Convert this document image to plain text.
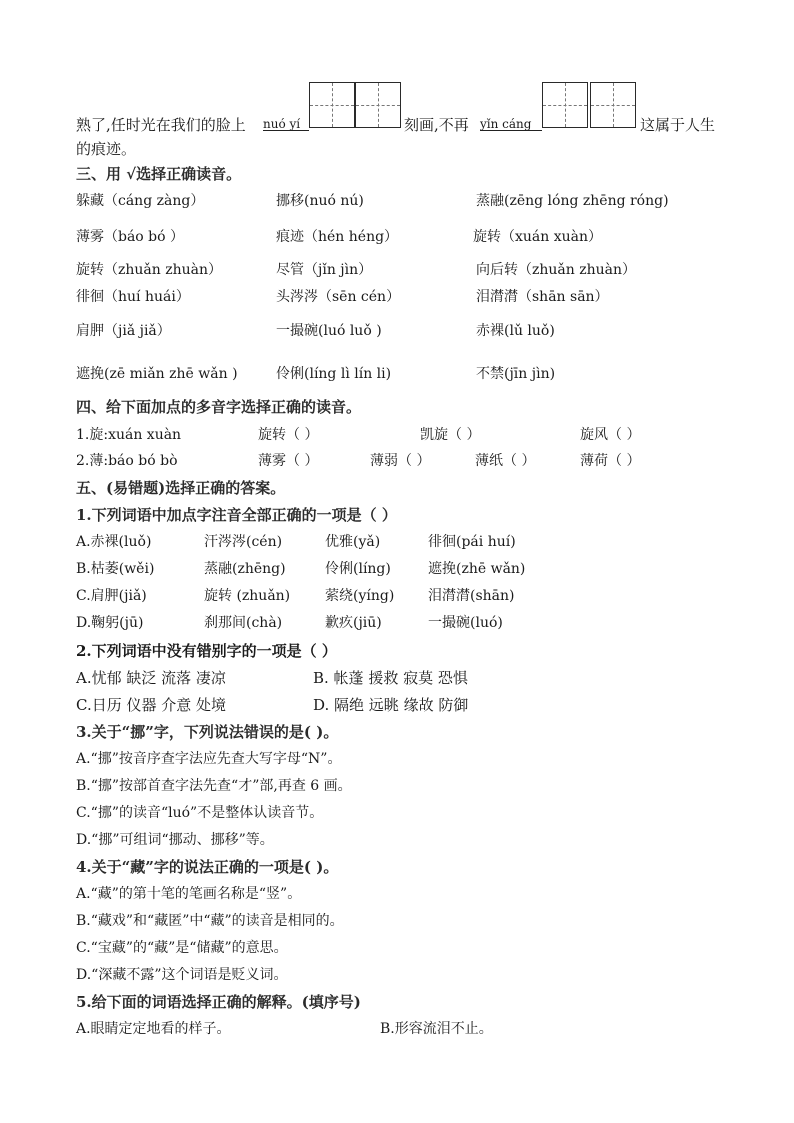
熟了,任时光在我们的脸上 nuó yí	刻画,不再 yǐn cáng	这属于人生
的痕迹。
三、用 √选择正确读音。
躲藏（cáng zàng）	挪移(nuó nú)	蒸融(zēng lóng zhēng róng)
薄雾（báo bó ）	痕迹（hén héng）	旋转（xuán xuàn）
旋转（zhuǎn zhuàn）	尽管（jǐn jìn）	向后转（zhuǎn zhuàn）
徘徊（huí huái）	头涔涔（sēn cén）	泪潸潸（shān sān）
肩胛（jiǎ jiǎ）	一撮碗(luó luǒ )	赤裸(lǔ luǒ)
遮挽(zē miǎn zhē wǎn )	伶俐(líng lì lín li)	不禁(jīn jìn)
四、给下面加点的多音字选择正确的读音。
1.旋:xuán xuàn	旋转（ ）	凯旋（ ）	旋风（ ）
2.薄:báo bó bò	薄雾（ ）	薄弱（ ）	薄纸（ ）	薄荷（ ）
五、(易错题)选择正确的答案。
1.下列词语中加点字注音全部正确的一项是（ ）
A.赤裸(luǒ)	汗涔涔(cén)	优雅(yǎ)	徘徊(pái huí)
B.枯萎(wěi)	蒸融(zhēng)	伶俐(líng)	遮挽(zhē wǎn)
C.肩胛(jiǎ)	旋转 (zhuǎn) 萦绕(yíng) 泪潸潸(shān)
D.鞠躬(jū)	刹那间(chà)	歉疚(jiū)	一撮碗(luó)
2.下列词语中没有错别字的一项是（ ）
A.忧郁 缺泛 流落 凄凉	B. 帐蓬 援救 寂莫 恐惧
C.日历 仪器 介意 处境	D. 隔绝 远眺 缘故 防御
3.关于“挪”字，下列说法错误的是( )。
A.“挪”按音序查字法应先查大写字母“N”。
B.“挪”按部首查字法先查“才”部,再查 6 画。
C.“挪”的读音“luó”不是整体认读音节。
D.“挪”可组词“挪动、挪移”等。
4.关于“藏”字的说法正确的一项是( )。
A.“藏”的第十笔的笔画名称是“竖”。
B.“藏戏”和“藏匿”中“藏”的读音是相同的。
C.“宝藏”的“藏”是“储藏”的意思。
D.“深藏不露”这个词语是贬义词。
5.给下面的词语选择正确的解释。(填序号)
A.眼睛定定地看的样子。	B.形容流泪不止。
